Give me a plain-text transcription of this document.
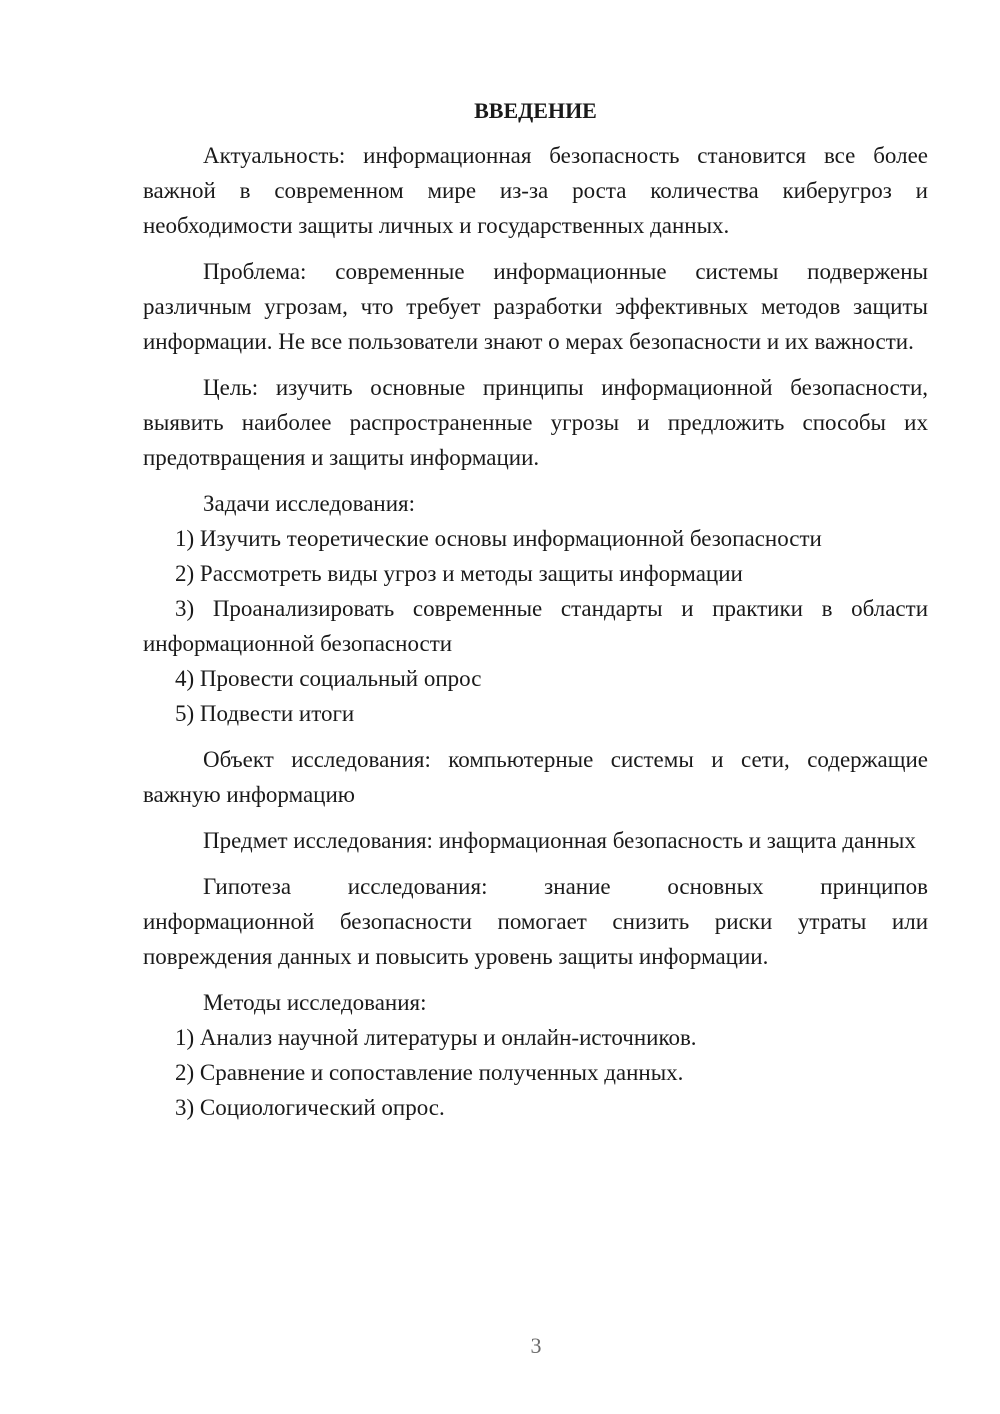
ВВЕДЕНИЕ

Актуальность: информационная безопасность становится все более важной в современном мире из-за роста количества киберугроз и необходимости защиты личных и государственных данных.

Проблема: современные информационные системы подвержены различным угрозам, что требует разработки эффективных методов защиты информации. Не все пользователи знают о мерах безопасности и их важности.

Цель: изучить основные принципы информационной безопасности, выявить наиболее распространенные угрозы и предложить способы их предотвращения и защиты информации.

Задачи исследования:

1) Изучить теоретические основы информационной безопасности

2) Рассмотреть виды угроз и методы защиты информации

3) Проанализировать современные стандарты и практики в области информационной безопасности

4) Провести социальный опрос

5) Подвести итоги

Объект исследования: компьютерные системы и сети, содержащие важную информацию

Предмет исследования: информационная безопасность и защита данных

Гипотеза исследования: знание основных принципов

информационной безопасности помогает снизить риски утраты или повреждения данных и повысить уровень защиты информации.

Методы исследования:

1) Анализ научной литературы и онлайн-источников.

2) Сравнение и сопоставление полученных данных.

3) Социологический опрос.

3
